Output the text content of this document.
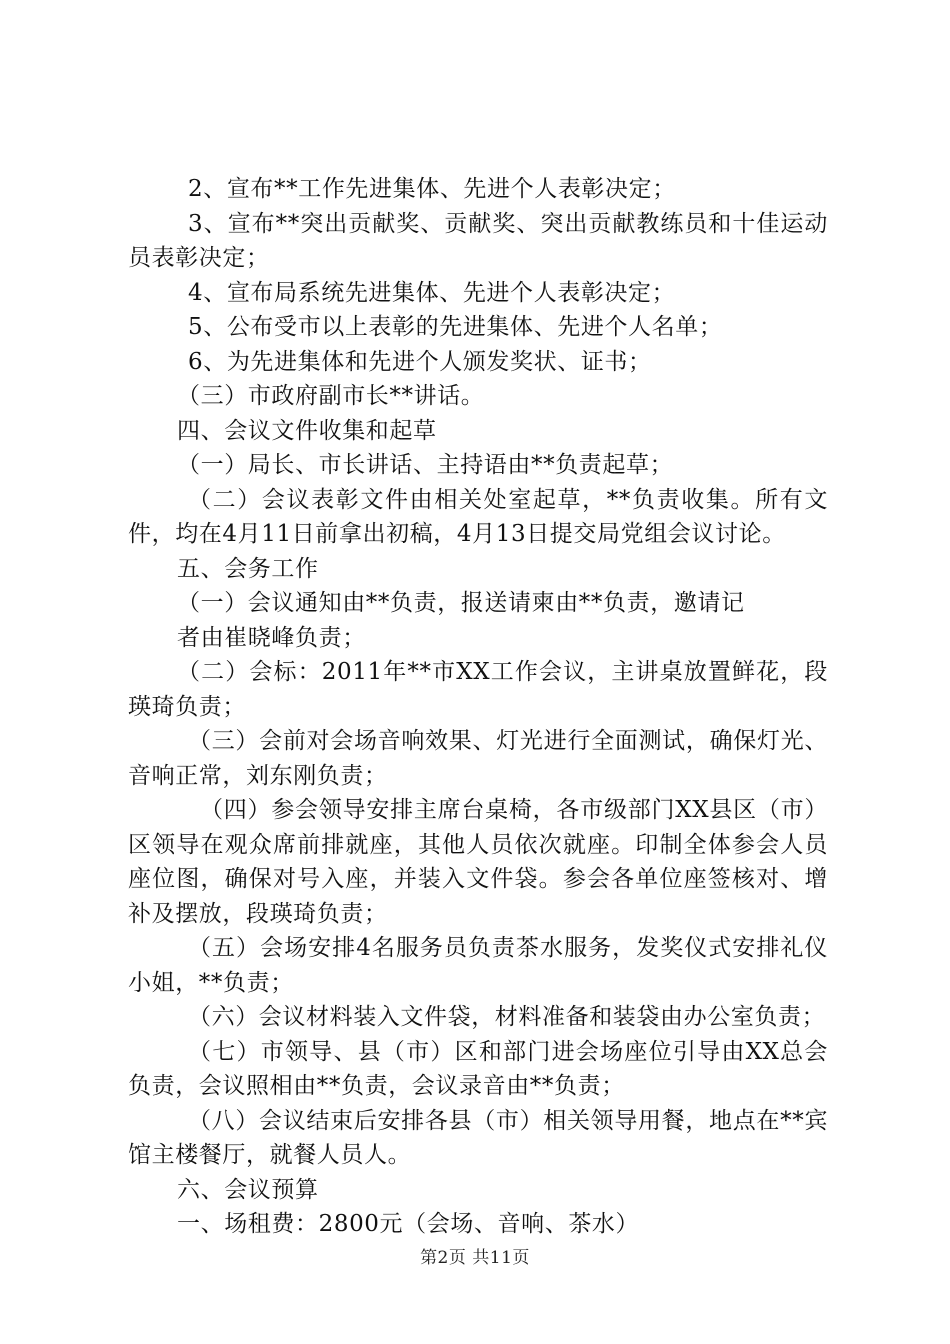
2、宣布**工作先进集体、先进个人表彰决定；

3、宣布**突出贡献奖、贡献奖、突出贡献教练员和十佳运动员表彰决定；

4、宣布局系统先进集体、先进个人表彰决定；

5、公布受市以上表彰的先进集体、先进个人名单；

6、为先进集体和先进个人颁发奖状、证书；

（三）市政府副市长**讲话。

四、会议文件收集和起草

（一）局长、市长讲话、主持语由**负责起草；

（二）会议表彰文件由相关处室起草，**负责收集。所有文件，均在4月11日前拿出初稿，4月13日提交局党组会议讨论。

五、会务工作

（一）会议通知由**负责，报送请柬由**负责，邀请记

者由崔晓峰负责；

（二）会标：2011年**市XX工作会议，主讲桌放置鲜花，段瑛琦负责；

（三）会前对会场音响效果、灯光进行全面测试，确保灯光、音响正常，刘东刚负责；

（四）参会领导安排主席台桌椅，各市级部门XX县区（市）区领导在观众席前排就座，其他人员依次就座。印制全体参会人员座位图，确保对号入座，并装入文件袋。参会各单位座签核对、增补及摆放，段瑛琦负责；

（五）会场安排4名服务员负责茶水服务，发奖仪式安排礼仪小姐，**负责；

（六）会议材料装入文件袋，材料准备和装袋由办公室负责；

（七）市领导、县（市）区和部门进会场座位引导由XX总会负责，会议照相由**负责，会议录音由**负责；

（八）会议结束后安排各县（市）相关领导用餐，地点在**宾馆主楼餐厅，就餐人员人。

六、会议预算

一、场租费：2800元（会场、音响、茶水）

第2页 共11页
